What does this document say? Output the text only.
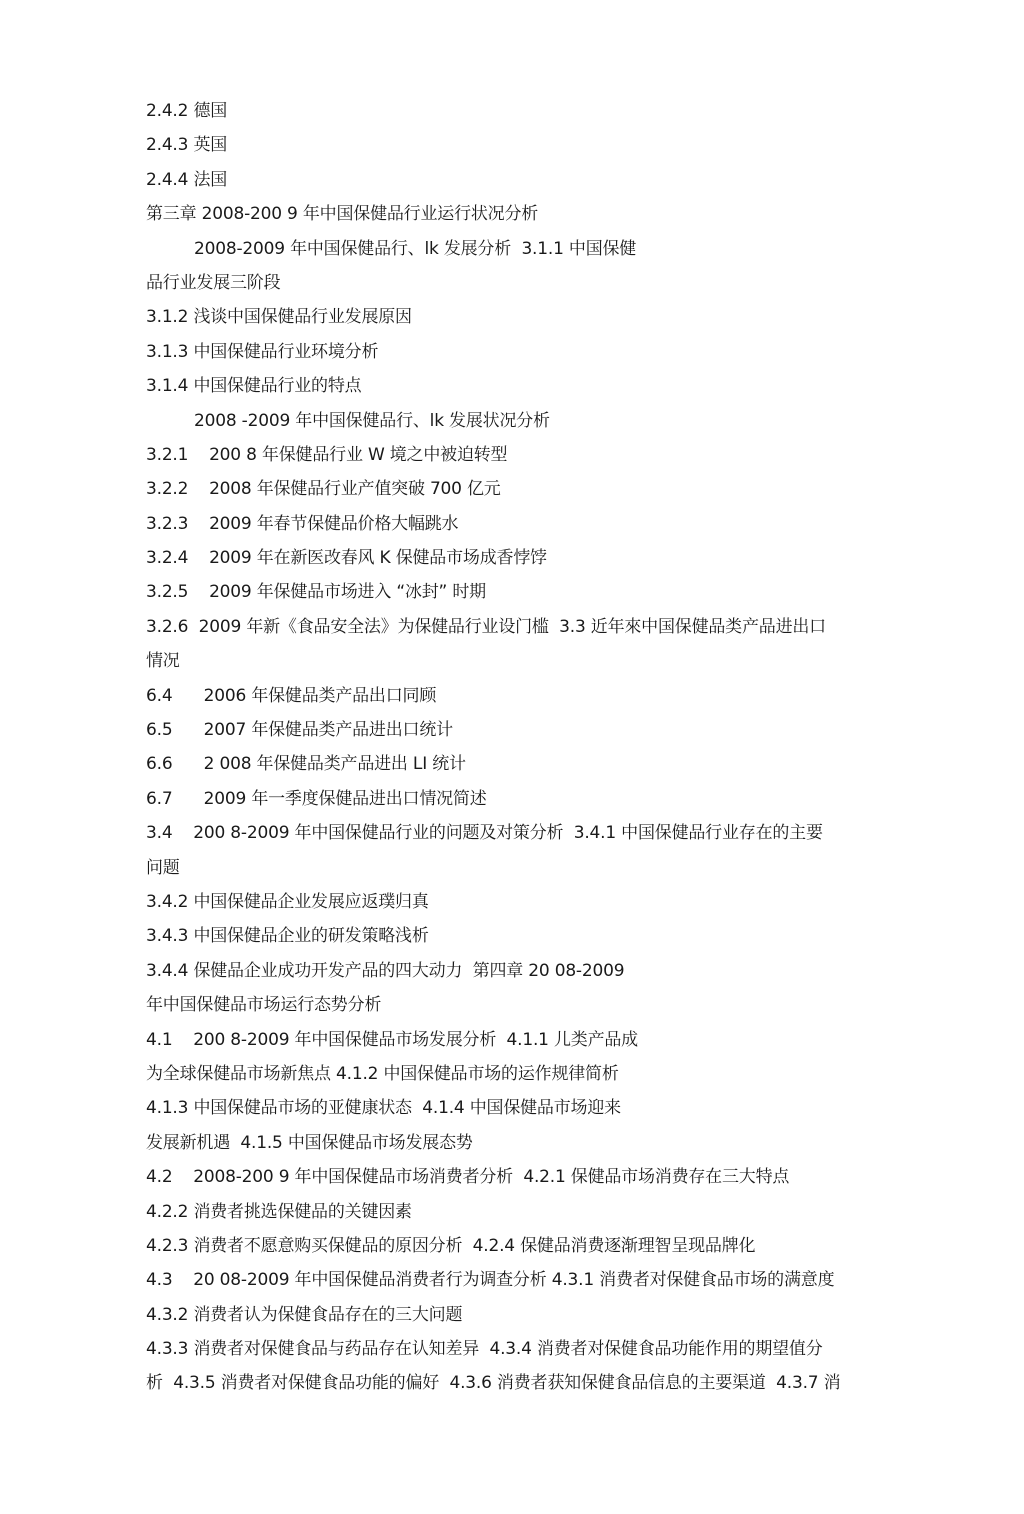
2.4.2 德国
2.4.3 英国
2.4.4 法国
第三章 2008-200 9 年中国保健品行业运行状况分析
2008-2009 年中国保健品行、lk 发展分析  3.1.1 中国保健
品行业发展三阶段
3.1.2 浅谈中国保健品行业发展原因
3.1.3 中国保健品行业环境分析
3.1.4 中国保健品行业的特点
2008 -2009 年中国保健品行、lk 发展状况分析
3.2.1    200 8 年保健品行业 W 境之中被迫转型
3.2.2    2008 年保健品行业产值突破 700 亿元
3.2.3    2009 年春节保健品价格大幅跳水
3.2.4    2009 年在新医改春风 K 保健品市场成香悖饽
3.2.5    2009 年保健品市场进入 “冰封” 时期
3.2.6  2009 年新《食品安全法》为保健品行业设门槛  3.3 近年來中国保健品类产品进出口
情况
6.4      2006 年保健品类产品出口同顾
6.5      2007 年保健品类产品进出口统计
6.6      2 008 年保健品类产品进出 LI 统计
6.7      2009 年一季度保健品进出口情况简述
3.4    200 8-2009 年中国保健品行业的问题及对策分析  3.4.1 中国保健品行业存在的主要
问题
3.4.2 中国保健品企业发展应返璞归真
3.4.3 中国保健品企业的研发策略浅析
3.4.4 保健品企业成功开发产品的四大动力  第四章 20 08-2009
年中国保健品市场运行态势分析
4.1    200 8-2009 年中国保健品市场发展分析  4.1.1 儿类产品成
为全球保健品市场新焦点 4.1.2 中国保健品市场的运作规律简析
4.1.3 中国保健品市场的亚健康状态  4.1.4 中国保健品市场迎来
发展新机遇  4.1.5 中国保健品市场发展态势
4.2    2008-200 9 年中国保健品市场消费者分析  4.2.1 保健品市场消费存在三大特点
4.2.2 消费者挑选保健品的关键因素
4.2.3 消费者不愿意购买保健品的原因分析  4.2.4 保健品消费逐渐理智呈现品牌化
4.3    20 08-2009 年中国保健品消费者行为调查分析 4.3.1 消费者对保健食品市场的满意度
4.3.2 消费者认为保健食品存在的三大问题
4.3.3 消费者对保健食品与药品存在认知差异  4.3.4 消费者对保健食品功能作用的期望值分
析  4.3.5 消费者对保健食品功能的偏好  4.3.6 消费者获知保健食品信息的主要渠道  4.3.7 消
